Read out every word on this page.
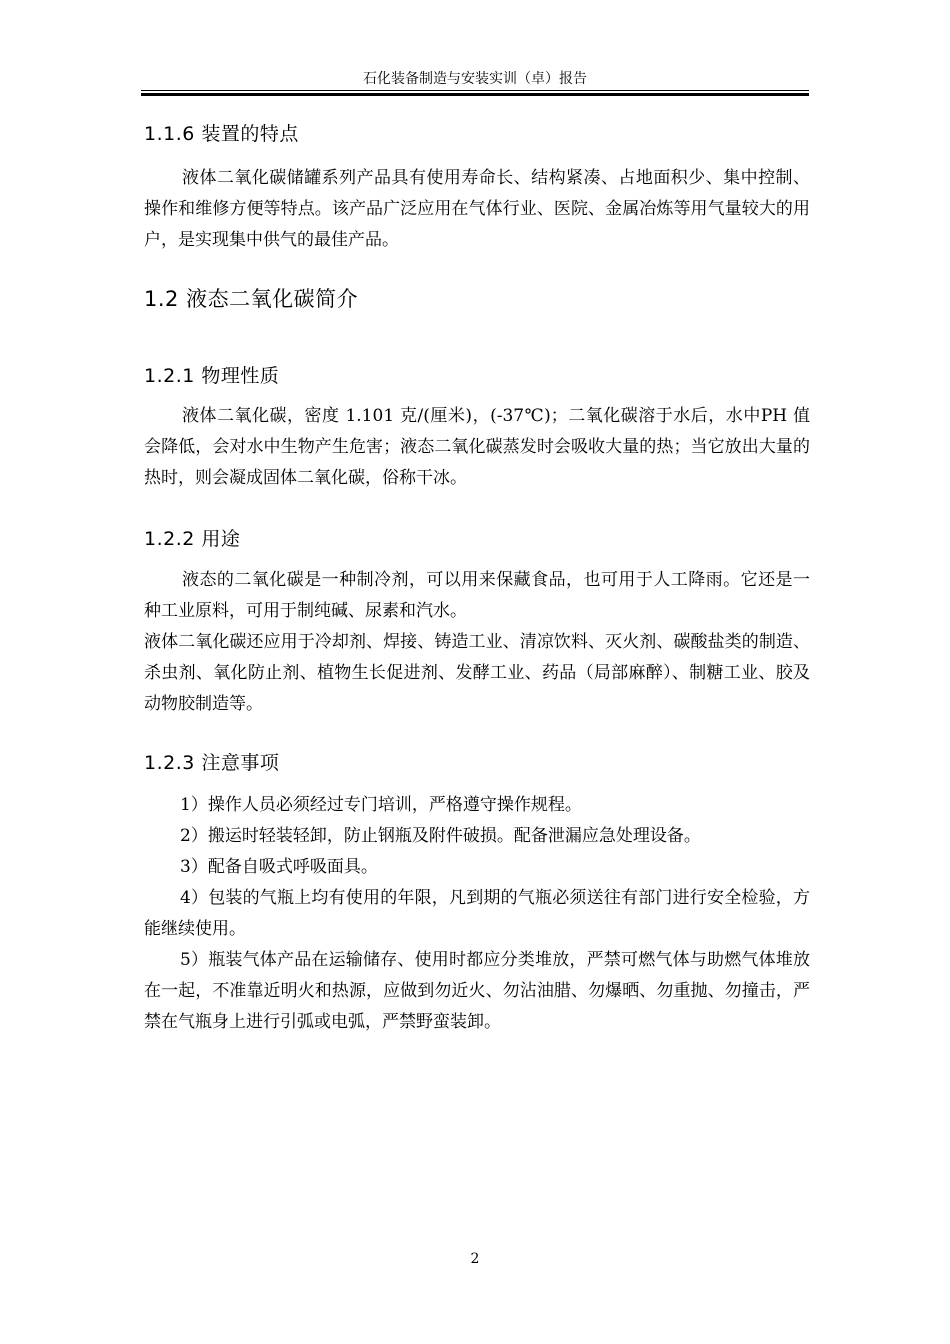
石化装备制造与安装实训（卓）报告
1.1.6 装置的特点
液体二氧化碳储罐系列产品具有使用寿命长、结构紧凑、占地面积少、集中控制、操作和维修方便等特点。该产品广泛应用在气体行业、医院、金属冶炼等用气量较大的用户，是实现集中供气的最佳产品。
1.2 液态二氧化碳简介
1.2.1 物理性质
液体二氧化碳，密度 1.101 克/(厘米)，(-37℃)；二氧化碳溶于水后，水中PH 值会降低，会对水中生物产生危害；液态二氧化碳蒸发时会吸收大量的热；当它放出大量的热时，则会凝成固体二氧化碳，俗称干冰。
1.2.2 用途
液态的二氧化碳是一种制冷剂，可以用来保藏食品，也可用于人工降雨。它还是一种工业原料，可用于制纯碱、尿素和汽水。
液体二氧化碳还应用于冷却剂、焊接、铸造工业、清凉饮料、灭火剂、碳酸盐类的制造、杀虫剂、氧化防止剂、植物生长促进剂、发酵工业、药品（局部麻醉）、制糖工业、胶及动物胶制造等。
1.2.3 注意事项
1）操作人员必须经过专门培训，严格遵守操作规程。
2）搬运时轻装轻卸，防止钢瓶及附件破损。配备泄漏应急处理设备。
3）配备自吸式呼吸面具。
4）包装的气瓶上均有使用的年限，凡到期的气瓶必须送往有部门进行安全检验，方能继续使用。
5）瓶装气体产品在运输储存、使用时都应分类堆放，严禁可燃气体与助燃气体堆放在一起，不准靠近明火和热源，应做到勿近火、勿沾油腊、勿爆晒、勿重抛、勿撞击，严禁在气瓶身上进行引弧或电弧，严禁野蛮装卸。
2
